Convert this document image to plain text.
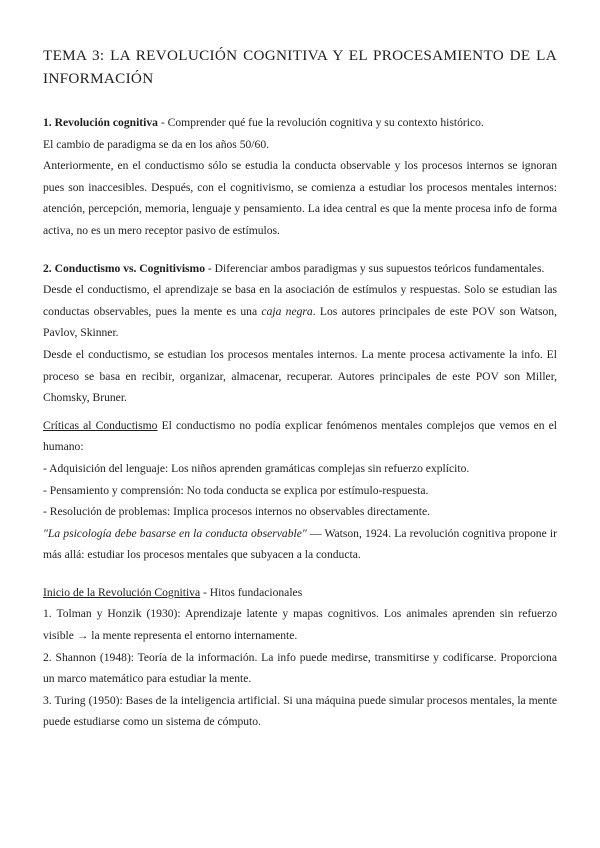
TEMA 3: LA REVOLUCIÓN COGNITIVA Y EL PROCESAMIENTO DE LA INFORMACIÓN

1. Revolución cognitiva - Comprender qué fue la revolución cognitiva y su contexto histórico.

El cambio de paradigma se da en los años 50/60.

Anteriormente, en el conductismo sólo se estudia la conducta observable y los procesos internos se ignoran pues son inaccesibles. Después, con el cognitivismo, se comienza a estudiar los procesos mentales internos: atención, percepción, memoria, lenguaje y pensamiento. La idea central es que la mente procesa info de forma activa, no es un mero receptor pasivo de estímulos.

2. Conductismo vs. Cognitivismo - Diferenciar ambos paradigmas y sus supuestos teóricos fundamentales.

Desde el conductismo, el aprendizaje se basa en la asociación de estímulos y respuestas. Solo se estudian las conductas observables, pues la mente es una caja negra. Los autores principales de este POV son Watson, Pavlov, Skinner.

Desde el conductismo, se estudian los procesos mentales internos. La mente procesa activamente la info. El proceso se basa en recibir, organizar, almacenar, recuperar. Autores principales de este POV son Miller, Chomsky, Bruner.

Críticas al Conductismo El conductismo no podía explicar fenómenos mentales complejos que vemos en el humano:

- Adquisición del lenguaje: Los niños aprenden gramáticas complejas sin refuerzo explícito.

- Pensamiento y comprensión: No toda conducta se explica por estímulo-respuesta.

- Resolución de problemas: Implica procesos internos no observables directamente.

"La psicología debe basarse en la conducta observable" — Watson, 1924. La revolución cognitiva propone ir más allá: estudiar los procesos mentales que subyacen a la conducta.

Inicio de la Revolución Cognitiva - Hitos fundacionales

1. Tolman y Honzik (1930): Aprendizaje latente y mapas cognitivos. Los animales aprenden sin refuerzo visible → la mente representa el entorno internamente.

2. Shannon (1948): Teoría de la información. La info puede medirse, transmitirse y codificarse. Proporciona un marco matemático para estudiar la mente.

3. Turing (1950): Bases de la inteligencia artificial. Si una máquina puede simular procesos mentales, la mente puede estudiarse como un sistema de cómputo.
